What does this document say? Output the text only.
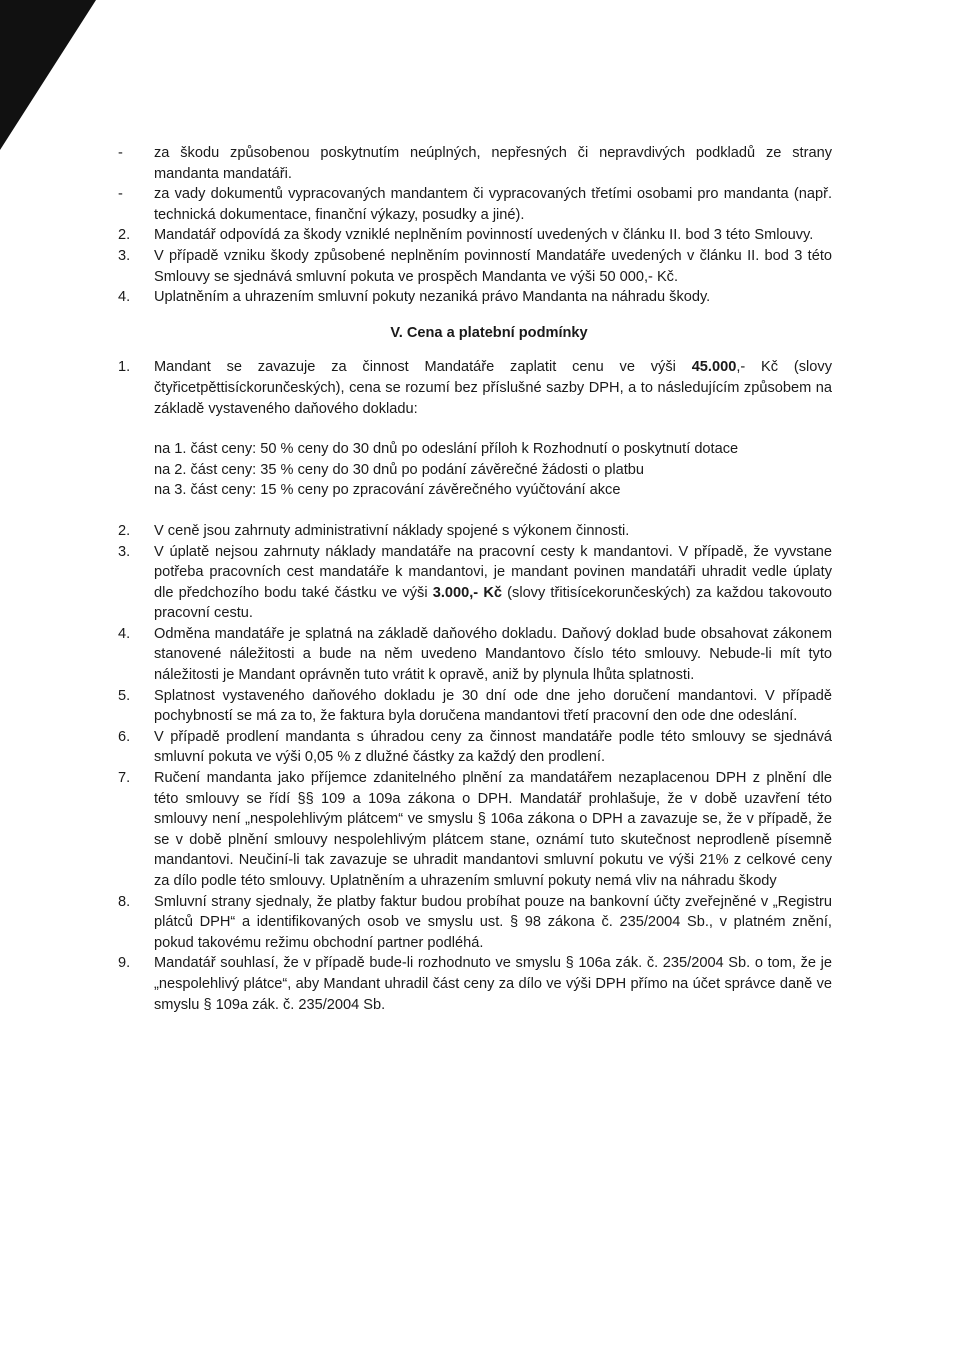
-	za škodu způsobenou poskytnutím neúplných, nepřesných či nepravdivých podkladů ze strany mandanta mandatáři.
-	za vady dokumentů vypracovaných mandantem či vypracovaných třetími osobami pro mandanta (např. technická dokumentace, finanční výkazy, posudky a jiné).
2.	Mandatář odpovídá za škody vzniklé neplněním povinností uvedených v článku II. bod 3 této Smlouvy.
3.	V případě vzniku škody způsobené neplněním povinností Mandatáře uvedených v článku II. bod 3 této Smlouvy se sjednává smluvní pokuta ve prospěch Mandanta ve výši 50 000,- Kč.
4.	Uplatněním a uhrazením smluvní pokuty nezaniká právo Mandanta na náhradu škody.
V. Cena a platební podmínky
1.	Mandant se zavazuje za činnost Mandatáře zaplatit cenu ve výši 45.000,- Kč (slovy čtyřicetpěttisíckorunčeských), cena se rozumí bez příslušné sazby DPH, a to následujícím způsobem na základě vystaveného daňového dokladu:
na 1. část ceny: 50 % ceny do 30 dnů po odeslání příloh k Rozhodnutí o poskytnutí dotace
na 2. část ceny: 35 % ceny do 30 dnů po podání závěrečné žádosti o platbu
na 3. část ceny: 15 % ceny po zpracování závěrečného vyúčtování akce
2.	V ceně jsou zahrnuty administrativní náklady spojené s výkonem činnosti.
3.	V úplatě nejsou zahrnuty náklady mandatáře na pracovní cesty k mandantovi. V případě, že vyvstane potřeba pracovních cest mandatáře k mandantovi, je mandant povinen mandatáři uhradit vedle úplaty dle předchozího bodu také částku ve výši 3.000,- Kč (slovy třitisícekorunčeských) za každou takovouto pracovní cestu.
4.	Odměna mandatáře je splatná na základě daňového dokladu. Daňový doklad bude obsahovat zákonem stanovené náležitosti a bude na něm uvedeno Mandantovo číslo této smlouvy. Nebude-li mít tyto náležitosti je Mandant oprávněn tuto vrátit k opravě, aniž by plynula lhůta splatnosti.
5.	Splatnost vystaveného daňového dokladu je 30 dní ode dne jeho doručení mandantovi. V případě pochybností se má za to, že faktura byla doručena mandantovi třetí pracovní den ode dne odeslání.
6.	V případě prodlení mandanta s úhradou ceny za činnost mandatáře podle této smlouvy se sjednává smluvní pokuta ve výši 0,05 % z dlužné částky za každý den prodlení.
7.	Ručení mandanta jako příjemce zdanitelného plnění za mandatářem nezaplacenou DPH z plnění dle této smlouvy se řídí §§ 109 a 109a zákona o DPH. Mandatář prohlašuje, že v době uzavření této smlouvy není „nespolehlivým plátcem“ ve smyslu § 106a zákona o DPH a zavazuje se, že v případě, že se v době plnění smlouvy nespolehlivým plátcem stane, oznámí tuto skutečnost neprodleně písemně mandantovi. Neučiní-li tak zavazuje se uhradit mandantovi smluvní pokutu ve výši 21% z celkové ceny za dílo podle této smlouvy. Uplatněním a uhrazením smluvní pokuty nemá vliv na náhradu škody
8.	Smluvní strany sjednaly, že platby faktur budou probíhat pouze na bankovní účty zveřejněné v „Registru plátců DPH“ a identifikovaných osob ve smyslu ust. § 98 zákona č. 235/2004 Sb., v platném znění, pokud takovému režimu obchodní partner podléhá.
9.	Mandatář souhlasí, že v případě bude-li rozhodnuto ve smyslu § 106a zák. č. 235/2004 Sb. o tom, že je „nespolehlivý plátce“, aby Mandant uhradil část ceny za dílo ve výši DPH přímo na účet správce daně ve smyslu § 109a zák. č. 235/2004 Sb.
